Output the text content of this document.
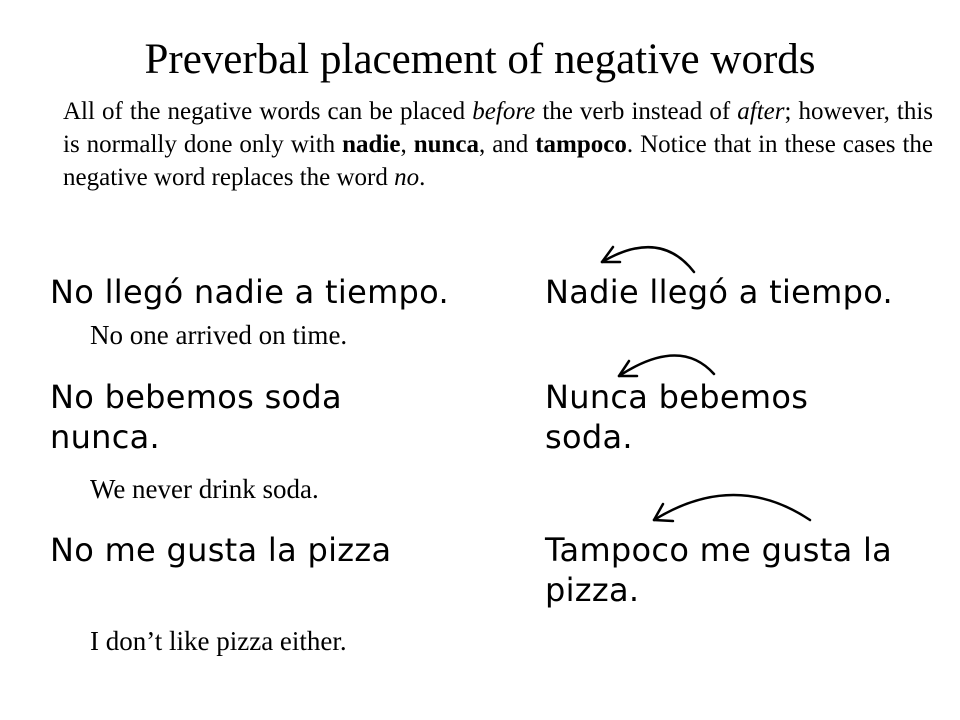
Preverbal placement of negative words
All of the negative words can be placed before the verb instead of after; however, this is normally done only with nadie, nunca, and tampoco. Notice that in these cases the negative word replaces the word no.
No llegó nadie a tiempo.	Nadie llegó a tiempo.
No one arrived on time.
No bebemos soda nunca.
Nunca bebemos soda.
We never drink soda.
No me gusta la pizza	Tampoco me gusta la pizza.
I don’t like pizza either.
